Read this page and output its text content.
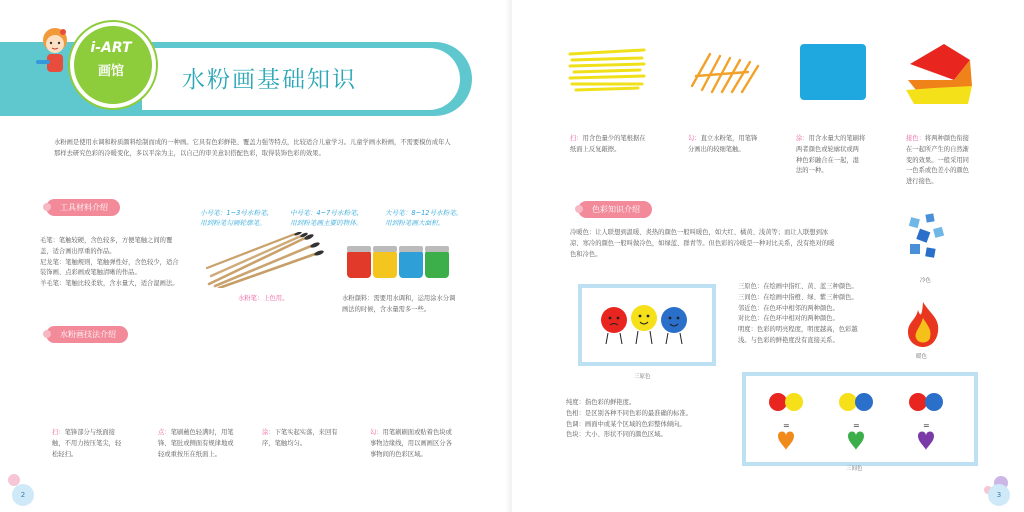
水粉画基础知识
i-ART
画馆
水粉画是使用水调和粉质颜料绘制而成的一种画。它具有色彩鲜艳、覆盖力强等特点，比较适合儿童学习。儿童学画水粉画，不需要模仿成年人
那样去研究色彩的冷暖变化，多以平涂为主，以自己的审美意识搭配色彩，取得装饰色彩的效果。
工具材料介绍
小号笔：1~3号水粉笔，
用到粉笔勾画轮廓笔。
中号笔：4~7号水粉笔，
用到粉笔画主要的物体。
大号笔：8~12号水粉笔，
用到粉笔画大面积。
毛笔：笔触较硬，含色较多，方便笔触之间的覆
盖，适合画出厚重的作品。
尼龙笔：笔触规则，笔触弹性好，含色较少，适合
装饰画、点彩画或笔触清晰的作品。
羊毛笔：笔触比较柔软，含水量大，适合湿画法。
水粉笔：上色用。	水粉颜料：需要用水调和，运用涂水分调
画法的时候，含水量需多一些。
水粉画技法介绍
扫：笔锋部分与纸面接
触，不用力按压笔尖，轻
松轻扫。
点：笔刷蘸色轻满时，用笔
锋、笔肚或侧面有规律地或
轻或重按压在纸面上。
涂：下笔实起实落，来回有
序，笔触均匀。
勾：用笔刷刷面或贴着色块或
事物边缘线，用以画画区分各
事物间的色彩区域。
2
扫：用含色量少的笔根据在
纸面上反复敲擦。
勾：直立水粉笔，用笔锋
分画出的较细笔触。
涂：用含水量大的笔刷将
两者颜色或轮廓状或两
种色彩融合在一起，湿
法的一种。
接色：将两种颜色衔接
在一起所产生的自然渐
变的效果。一般采用同
一色系或色差小的颜色
进行接色。
色彩知识介绍
冷暖色：让人联想到温暖、炎热的颜色一般叫暖色，如大红、橘黄、浅黄等；而让人联想到冰
凉、寒冷的颜色一般叫做冷色，如绿蓝、群青等。但色彩的冷暖是一种对比关系，没有绝对的暖
色和冷色。
冷色
暖色
三原色
三原色：在绘画中指红、黄、蓝三种颜色。
三间色：在绘画中指橙、绿、紫三种颜色。
邻近色：在色环中相邻的两种颜色。
对比色：在色环中相对的两种颜色。
明度：色彩的明亮程度，明度越高，色彩越
浅。与色彩的鲜艳度没有直接关系。
纯度：指色彩的鲜艳度。
色相：是区别各种不同色彩的最准确的标准。
色调：画面中或某个区域的色彩整体倾向。
色块：大小、形状不同的颜色区域。
=	=	=
三间色
3
